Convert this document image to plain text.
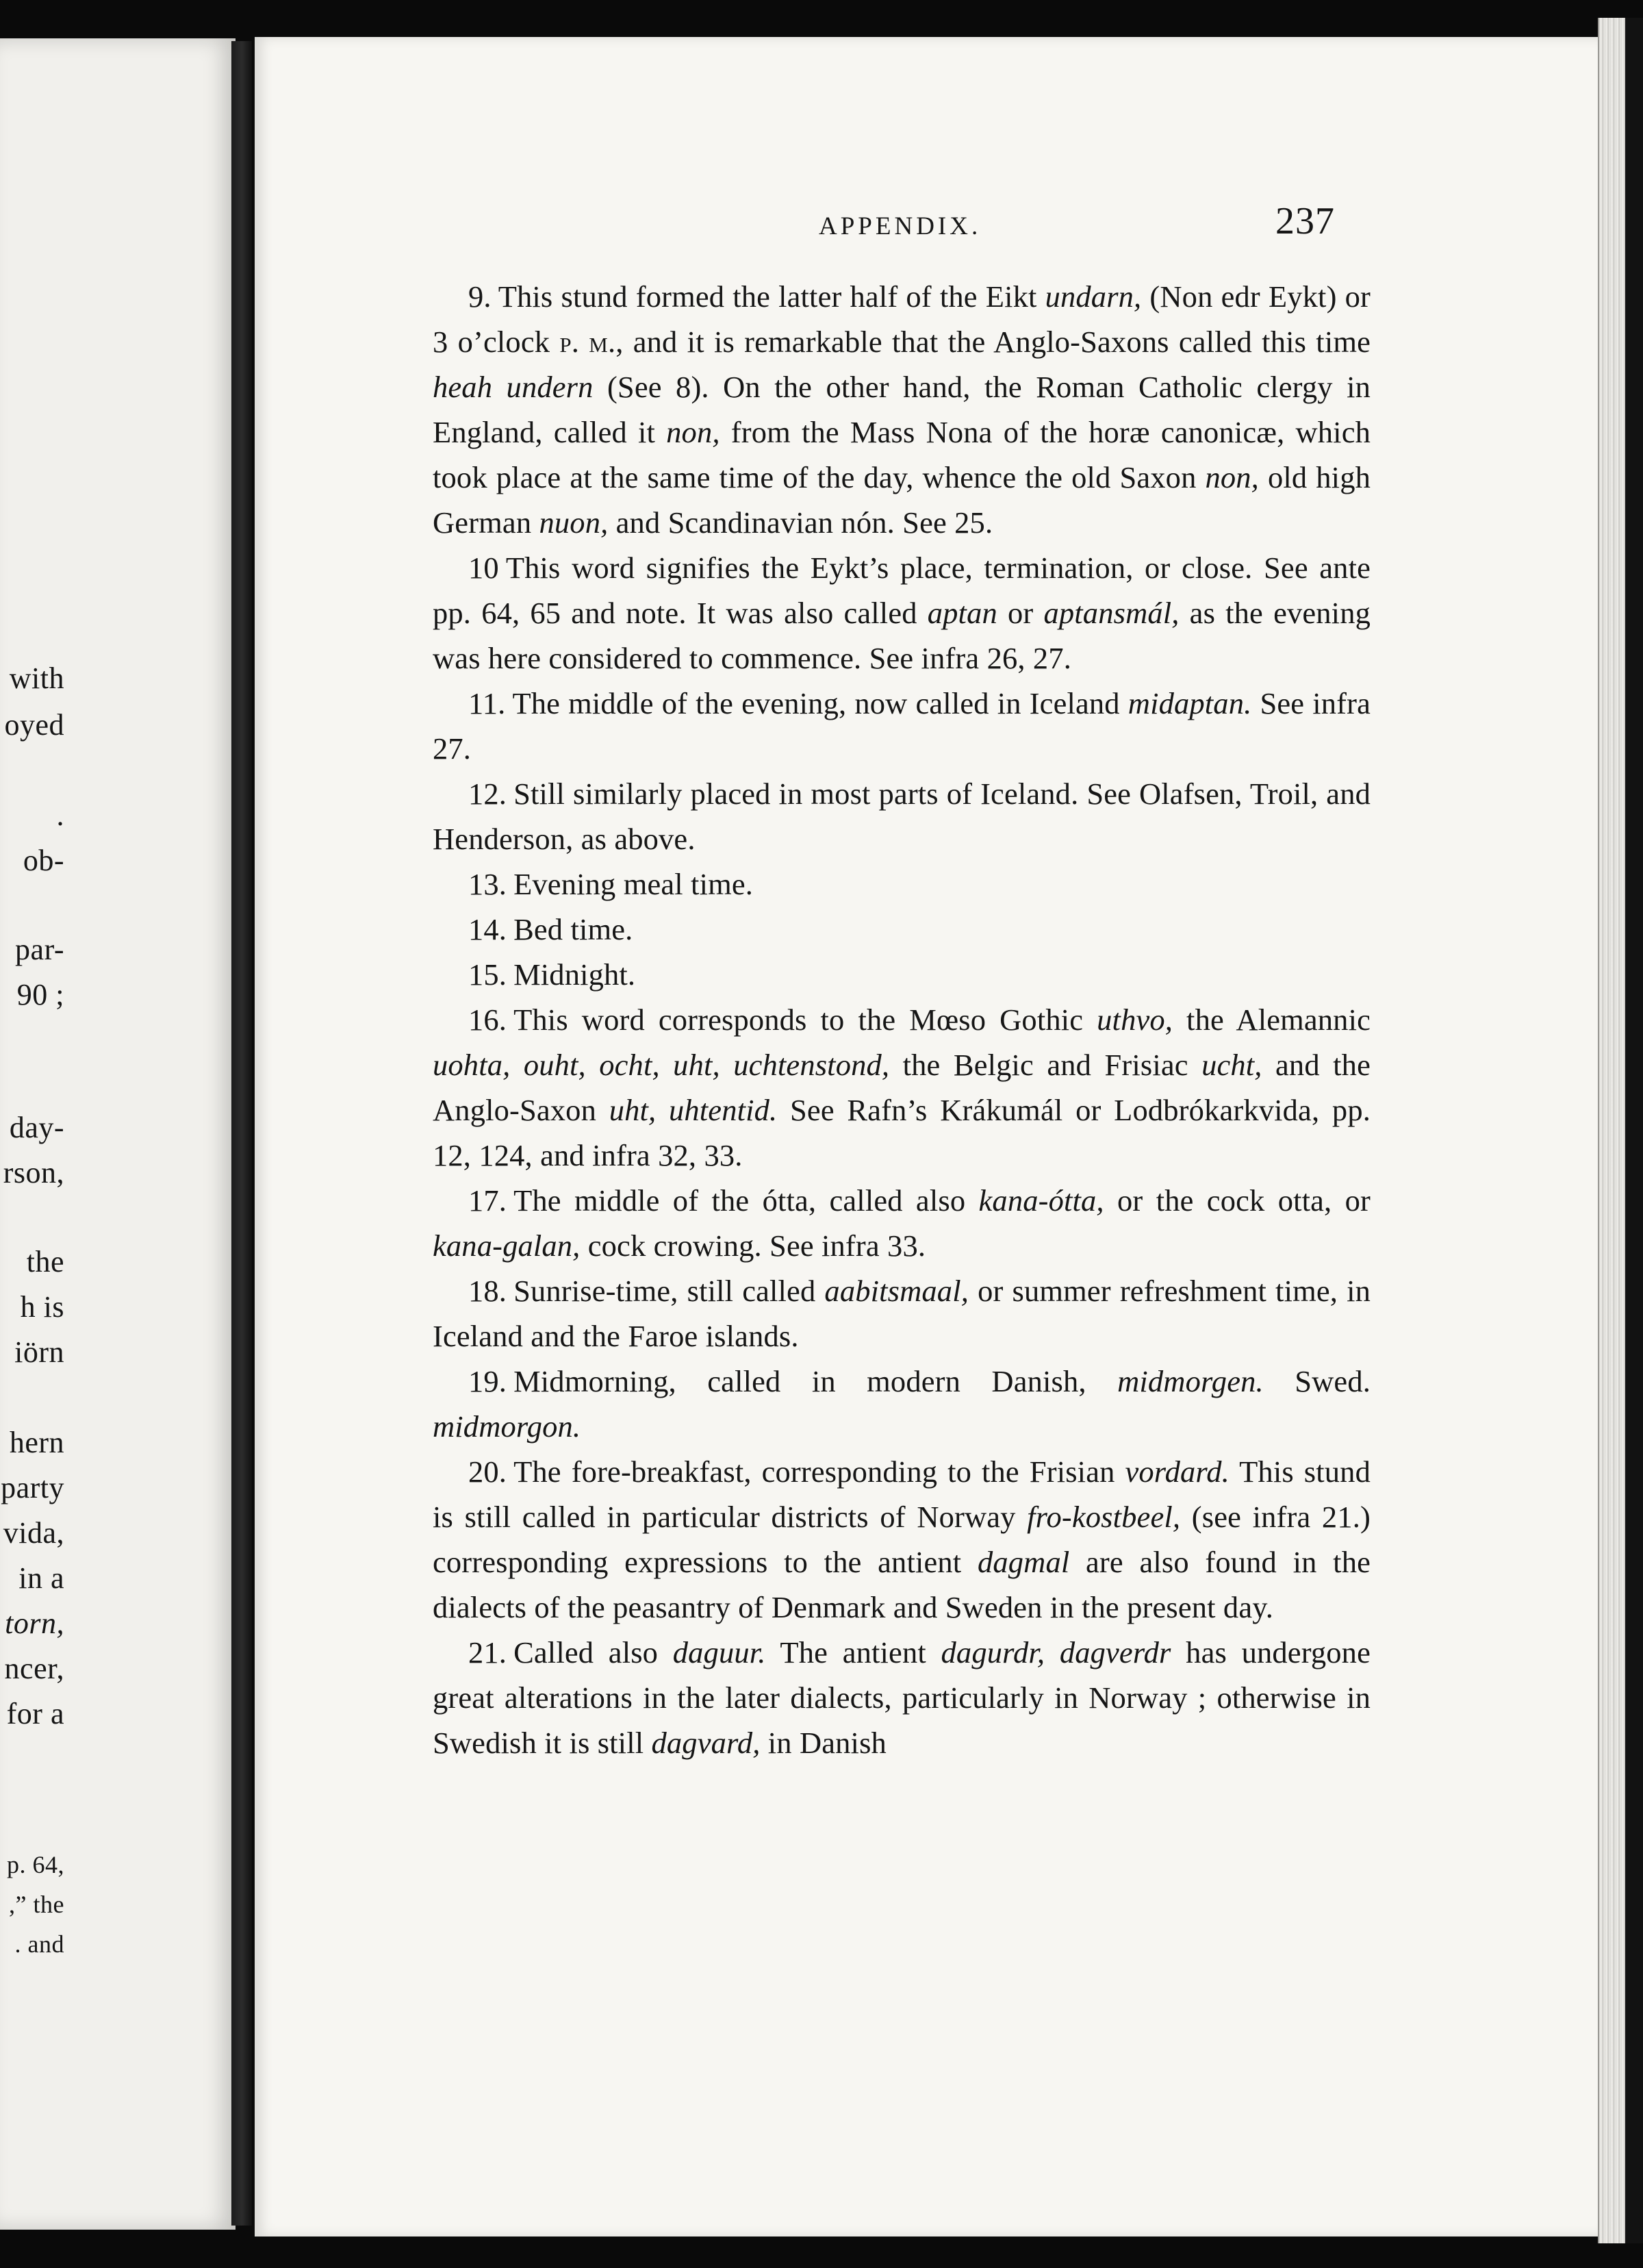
with
oyed
.
ob-
par-
90 ;
day-
rson,
the
h is
iörn
hern
party
vida,
in a
torn,
ncer,
for a
p. 64,
,” the
. and
APPENDIX.	237

9. This stund formed the latter half of the Eikt undarn, (Non edr Eykt) or 3 o’clock p. m., and it is remarkable that the Anglo-Saxons called this time heah undern (See 8). On the other hand, the Roman Catholic clergy in England, called it non, from the Mass Nona of the horæ canonicæ, which took place at the same time of the day, whence the old Saxon non, old high German nuon, and Scandinavian nón. See 25.

10 This word signifies the Eykt’s place, termination, or close. See ante pp. 64, 65 and note. It was also called aptan or aptansmál, as the evening was here considered to commence. See infra 26, 27.

11. The middle of the evening, now called in Iceland midaptan. See infra 27.

12. Still similarly placed in most parts of Iceland. See Olafsen, Troil, and Henderson, as above.

13. Evening meal time.

14. Bed time.

15. Midnight.

16. This word corresponds to the Mœso Gothic uthvo, the Alemannic uohta, ouht, ocht, uht, uchtenstond, the Belgic and Frisiac ucht, and the Anglo-Saxon uht, uhtentid. See Rafn’s Krákumál or Lodbrókarkvida, pp. 12, 124, and infra 32, 33.

17. The middle of the ótta, called also kana-ótta, or the cock otta, or kana-galan, cock crowing. See infra 33.

18. Sunrise-time, still called aabitsmaal, or summer refreshment time, in Iceland and the Faroe islands.

19. Midmorning, called in modern Danish, midmorgen. Swed. midmorgon.

20. The fore-breakfast, corresponding to the Frisian vordard. This stund is still called in particular districts of Norway fro-kostbeel, (see infra 21.) corresponding expressions to the antient dagmal are also found in the dialects of the peasantry of Denmark and Sweden in the present day.

21. Called also daguur. The antient dagurdr, dagverdr has undergone great alterations in the later dialects, particularly in Norway ; otherwise in Swedish it is still dagvard, in Danish
